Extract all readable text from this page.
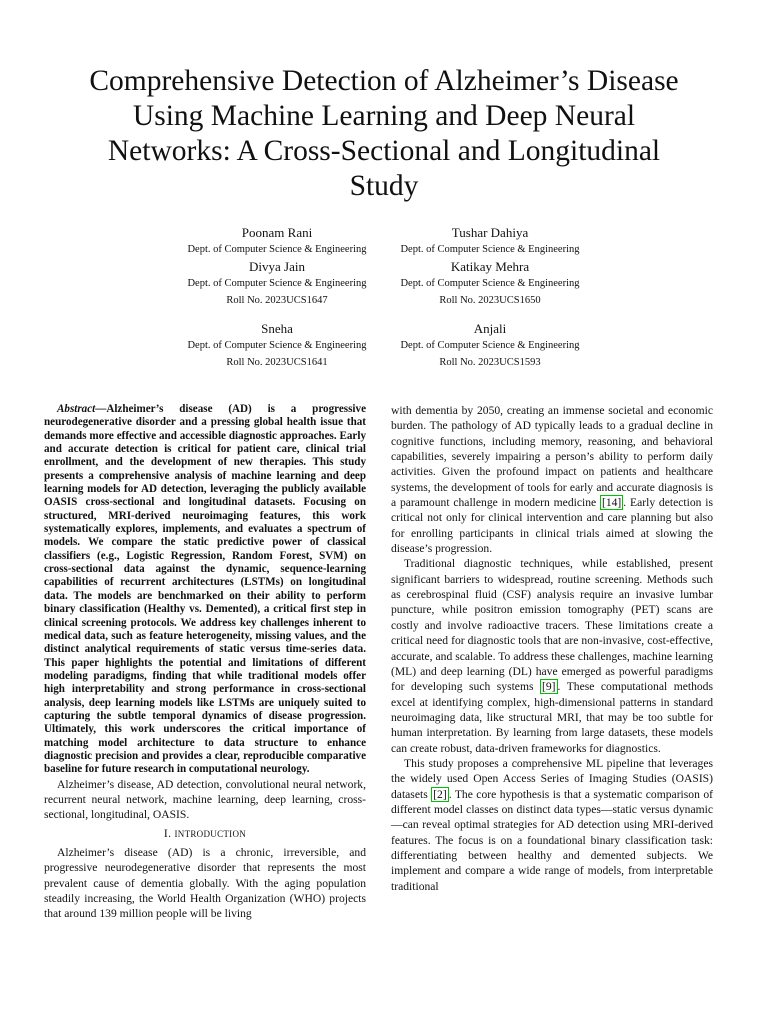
Comprehensive Detection of Alzheimer’s Disease
Using Machine Learning and Deep Neural
Networks: A Cross-Sectional and Longitudinal
Study
Poonam Rani
Dept. of Computer Science & Engineering
Tushar Dahiya
Dept. of Computer Science & Engineering
Divya Jain
Dept. of Computer Science & Engineering
Roll No. 2023UCS1647
Katikay Mehra
Dept. of Computer Science & Engineering
Roll No. 2023UCS1650
Sneha
Dept. of Computer Science & Engineering
Roll No. 2023UCS1641
Anjali
Dept. of Computer Science & Engineering
Roll No. 2023UCS1593

Abstract—Alzheimer’s disease (AD) is a progressive neurodegenerative disorder and a pressing global health issue that demands more effective and accessible diagnostic approaches. Early and accurate detection is critical for patient care, clinical trial enrollment, and the development of new therapies. This study presents a comprehensive analysis of machine learning and deep learning models for AD detection, leveraging the publicly available OASIS cross-sectional and longitudinal datasets. Focusing on structured, MRI-derived neuroimaging features, this work systematically explores, implements, and evaluates a spectrum of models. We compare the static predictive power of classical classifiers (e.g., Logistic Regression, Random Forest, SVM) on cross-sectional data against the dynamic, sequence-learning capabilities of recurrent architectures (LSTMs) on longitudinal data. The models are benchmarked on their ability to perform binary classification (Healthy vs. Demented), a critical first step in clinical screening protocols. We address key challenges inherent to medical data, such as feature heterogeneity, missing values, and the distinct analytical requirements of static versus time-series data. This paper highlights the potential and limitations of different modeling paradigms, finding that while traditional models offer high interpretability and strong performance in cross-sectional analysis, deep learning models like LSTMs are uniquely suited to capturing the subtle temporal dynamics of disease progression. Ultimately, this work underscores the critical importance of matching model architecture to data structure to enhance diagnostic precision and provides a clear, reproducible comparative baseline for future research in computational neurology.

Alzheimer’s disease, AD detection, convolutional neural network, recurrent neural network, machine learning, deep learning, cross-sectional, longitudinal, OASIS.

I. INTRODUCTION

Alzheimer’s disease (AD) is a chronic, irreversible, and progressive neurodegenerative disorder that represents the most prevalent cause of dementia globally. With the aging population steadily increasing, the World Health Organization (WHO) projects that around 139 million people will be living

with dementia by 2050, creating an immense societal and economic burden. The pathology of AD typically leads to a gradual decline in cognitive functions, including memory, reasoning, and behavioral capabilities, severely impairing a person’s ability to perform daily activities. Given the profound impact on patients and healthcare systems, the development of tools for early and accurate diagnosis is a paramount challenge in modern medicine [14] . Early detection is critical not only for clinical intervention and care planning but also for enrolling participants in clinical trials aimed at slowing the disease’s progression.

Traditional diagnostic techniques, while established, present significant barriers to widespread, routine screening. Methods such as cerebrospinal fluid (CSF) analysis require an invasive lumbar puncture, while positron emission tomography (PET) scans are costly and involve radioactive tracers. These limitations create a critical need for diagnostic tools that are non-invasive, cost-effective, accurate, and scalable. To address these challenges, machine learning (ML) and deep learning (DL) have emerged as powerful paradigms for developing such systems [9] . These computational methods excel at identifying complex, high-dimensional patterns in standard neuroimaging data, like structural MRI, that may be too subtle for human interpretation. By learning from large datasets, these models can create robust, data-driven frameworks for diagnostics.

This study proposes a comprehensive ML pipeline that leverages the widely used Open Access Series of Imaging Studies (OASIS) datasets [2] . The core hypothesis is that a systematic comparison of different model classes on distinct data types—static versus dynamic—can reveal optimal strategies for AD detection using MRI-derived features. The focus is on a foundational binary classification task: differentiating between healthy and demented subjects. We implement and compare a wide range of models, from interpretable traditional
